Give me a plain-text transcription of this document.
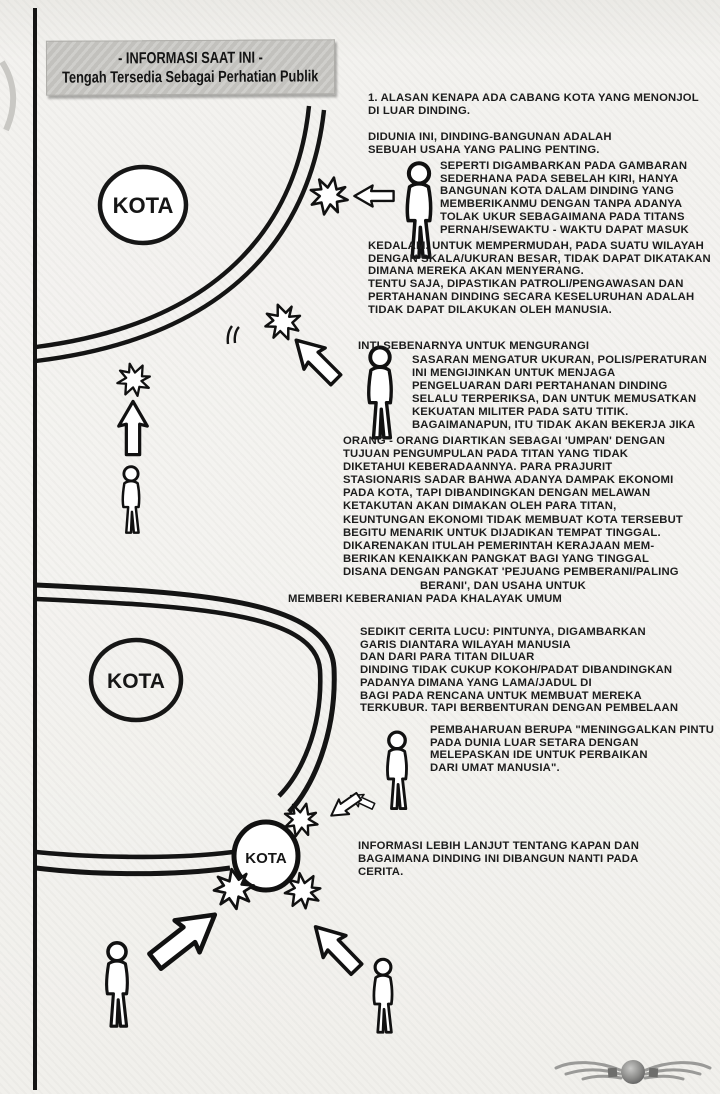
- INFORMASI SAAT INI -
Tengah Tersedia Sebagai Perhatian Publik
KOTA
KOTA
KOTA
1. ALASAN KENAPA ADA CABANG KOTA YANG MENONJOL
DI LUAR DINDING.
DIDUNIA INI, DINDING-BANGUNAN ADALAH
SEBUAH USAHA YANG PALING PENTING.
SEPERTI DIGAMBARKAN PADA GAMBARAN
SEDERHANA PADA SEBELAH KIRI, HANYA
BANGUNAN KOTA DALAM DINDING YANG
MEMBERIKANMU DENGAN TANPA ADANYA
TOLAK UKUR SEBAGAIMANA PADA TITANS
PERNAH/SEWAKTU - WAKTU DAPAT MASUK
KEDALAM. UNTUK MEMPERMUDAH, PADA SUATU WILAYAH
DENGAN SKALA/UKURAN BESAR, TIDAK DAPAT DIKATAKAN
DIMANA MEREKA AKAN MENYERANG.
TENTU SAJA, DIPASTIKAN PATROLI/PENGAWASAN DAN
PERTAHANAN DINDING SECARA KESELURUHAN ADALAH
TIDAK DAPAT DILAKUKAN OLEH MANUSIA.
INTI SEBENARNYA UNTUK MENGURANGI
SASARAN MENGATUR UKURAN, POLIS/PERATURAN
INI MENGIJINKAN UNTUK MENJAGA
PENGELUARAN DARI PERTAHANAN DINDING
SELALU TERPERIKSA, DAN UNTUK MEMUSATKAN
KEKUATAN MILITER PADA SATU TITIK.
BAGAIMANAPUN, ITU TIDAK AKAN BEKERJA JIKA
ORANG - ORANG DIARTIKAN SEBAGAI 'UMPAN' DENGAN
TUJUAN PENGUMPULAN PADA TITAN YANG TIDAK
DIKETAHUI KEBERADAANNYA. PARA PRAJURIT
STASIONARIS SADAR BAHWA ADANYA DAMPAK EKONOMI
PADA KOTA, TAPI DIBANDINGKAN DENGAN MELAWAN
KETAKUTAN AKAN DIMAKAN OLEH PARA TITAN,
KEUNTUNGAN EKONOMI TIDAK MEMBUAT KOTA TERSEBUT
BEGITU MENARIK UNTUK DIJADIKAN TEMPAT TINGGAL.
DIKARENAKAN ITULAH PEMERINTAH KERAJAAN MEM-
BERIKAN KENAIKKAN PANGKAT BAGI YANG TINGGAL
DISANA DENGAN PANGKAT 'PEJUANG PEMBERANI/PALING
BERANI', DAN USAHA UNTUK
MEMBERI KEBERANIAN PADA KHALAYAK UMUM
SEDIKIT CERITA LUCU: PINTUNYA, DIGAMBARKAN
GARIS DIANTARA WILAYAH MANUSIA
DAN DARI PARA TITAN DILUAR
DINDING TIDAK CUKUP KOKOH/PADAT DIBANDINGKAN
PADANYA DIMANA YANG LAMA/JADUL DI
BAGI PADA RENCANA UNTUK MEMBUAT MEREKA
TERKUBUR. TAPI BERBENTURAN DENGAN PEMBELAAN
PEMBAHARUAN BERUPA "MENINGGALKAN PINTU
PADA DUNIA LUAR SETARA DENGAN
MELEPASKAN IDE UNTUK PERBAIKAN
DARI UMAT MANUSIA".
INFORMASI LEBIH LANJUT TENTANG KAPAN DAN
BAGAIMANA DINDING INI DIBANGUN NANTI PADA
CERITA.
